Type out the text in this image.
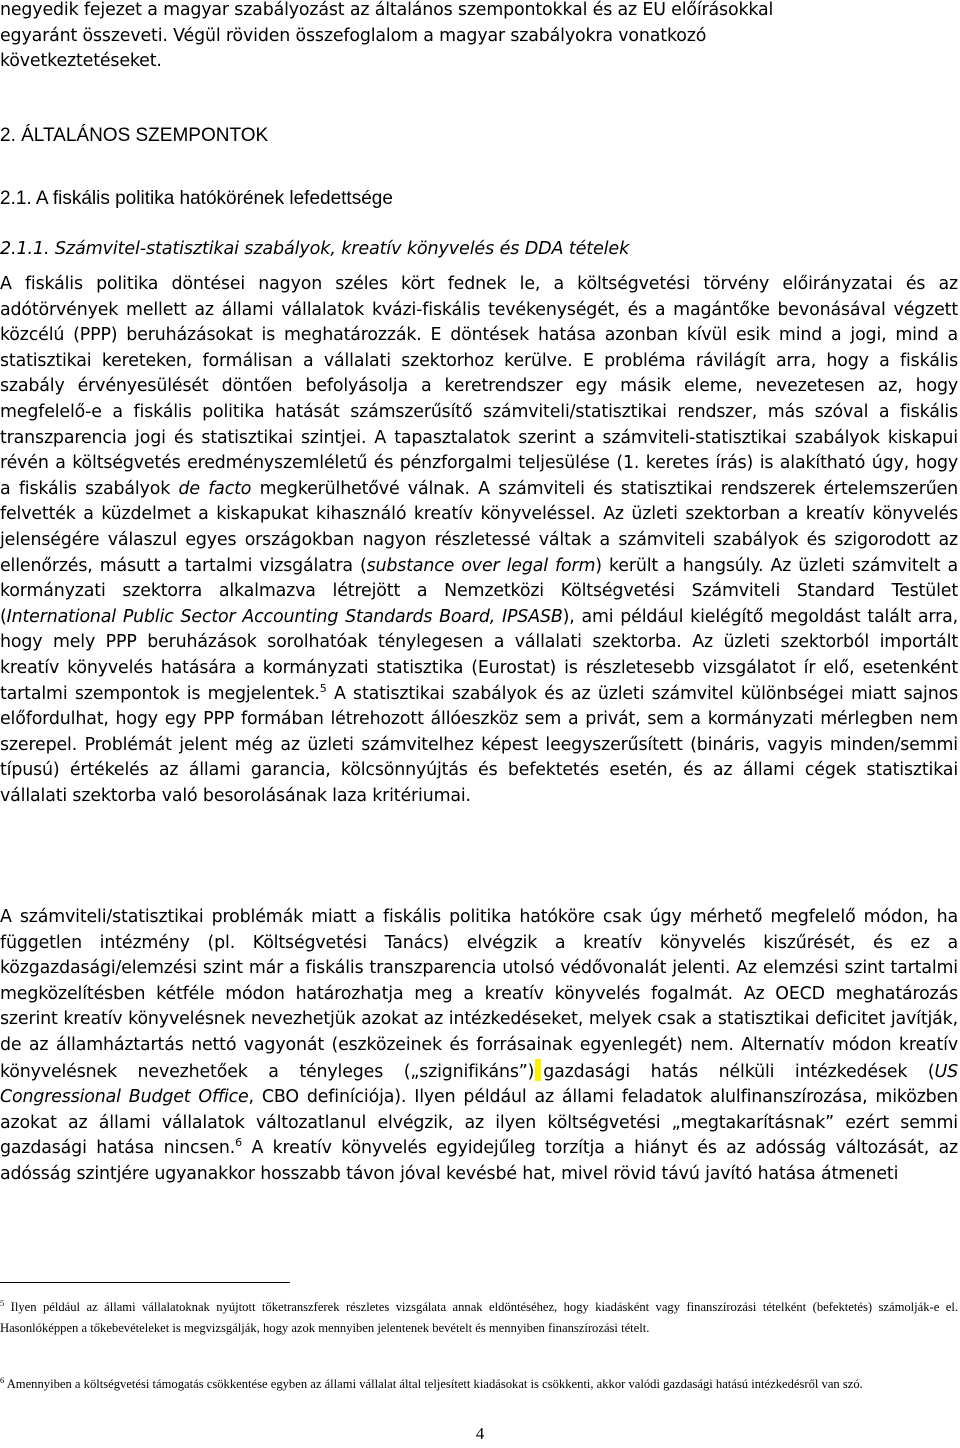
negyedik fejezet a magyar szabályozást az általános szempontokkal és az EU előírásokkal
egyaránt összeveti. Végül röviden összefoglalom a magyar szabályokra vonatkozó
következtetéseket.
2. ÁLTALÁNOS SZEMPONTOK
2.1. A fiskális politika hatókörének lefedettsége
2.1.1. Számvitel-statisztikai szabályok, kreatív könyvelés és DDA tételek

A fiskális politika döntései nagyon széles kört fednek le, a költségvetési törvény előirányzatai és az adótörvények mellett az állami vállalatok kvázi-fiskális tevékenységét, és a magántőke bevonásával végzett közcélú (PPP) beruházásokat is meghatározzák. E döntések hatása azonban kívül esik mind a jogi, mind a statisztikai kereteken, formálisan a vállalati szektorhoz kerülve. E probléma rávilágít arra, hogy a fiskális szabály érvényesülését döntően befolyásolja a keretrendszer egy másik eleme, nevezetesen az, hogy megfelelő-e a fiskális politika hatását számszerűsítő számviteli/statisztikai rendszer, más szóval a fiskális transzparencia jogi és statisztikai szintjei. A tapasztalatok szerint a számviteli-statisztikai szabályok kiskapui révén a költségvetés eredményszemléletű és pénzforgalmi teljesülése (1. keretes írás) is alakítható úgy, hogy a fiskális szabályok de facto megkerülhetővé válnak. A számviteli és statisztikai rendszerek értelemszerűen felvették a küzdelmet a kiskapukat kihasználó kreatív könyveléssel. Az üzleti szektorban a kreatív könyvelés jelenségére válaszul egyes országokban nagyon részletessé váltak a számviteli szabályok és szigorodott az ellenőrzés, másutt a tartalmi vizsgálatra (substance over legal form) került a hangsúly. Az üzleti számvitelt a kormányzati szektorra alkalmazva létrejött a Nemzetközi Költségvetési Számviteli Standard Testület (International Public Sector Accounting Standards Board, IPSASB), ami például kielégítő megoldást talált arra, hogy mely PPP beruházások sorolhatóak ténylegesen a vállalati szektorba. Az üzleti szektorból importált kreatív könyvelés hatására a kormányzati statisztika (Eurostat) is részletesebb vizsgálatot ír elő, esetenként tartalmi szempontok is megjelentek.$^5$ A statisztikai szabályok és az üzleti számvitel különbségei miatt sajnos előfordulhat, hogy egy PPP formában létrehozott állóeszköz sem a privát, sem a kormányzati mérlegben nem szerepel. Problémát jelent még az üzleti számvitelhez képest leegyszerűsített (bináris, vagyis minden/semmi típusú) értékelés az állami garancia, kölcsönnyújtás és befektetés esetén, és az állami cégek statisztikai vállalati szektorba való besorolásának laza kritériumai.

A számviteli/statisztikai problémák miatt a fiskális politika hatóköre csak úgy mérhető megfelelő módon, ha független intézmény (pl. Költségvetési Tanács) elvégzik a kreatív könyvelés kiszűrését, és ez a közgazdasági/elemzési szint már a fiskális transzparencia utolsó védővonalát jelenti. Az elemzési szint tartalmi megközelítésben kétféle módon határozhatja meg a kreatív könyvelés fogalmát. Az OECD meghatározás szerint kreatív könyvelésnek nevezhetjük azokat az intézkedéseket, melyek csak a statisztikai deficitet javítják, de az államháztartás nettó vagyonát (eszközeinek és forrásainak egyenlegét) nem. Alternatív módon kreatív könyvelésnek nevezhetőek a tényleges („szignifikáns”) gazdasági hatás nélküli intézkedések (US Congressional Budget Office, CBO definíciója). Ilyen például az állami feladatok alulfinanszírozása, miközben azokat az állami vállalatok változatlanul elvégzik, az ilyen költségvetési „megtakarításnak” ezért semmi gazdasági hatása nincsen.$^6$ A kreatív könyvelés egyidejűleg torzítja a hiányt és az adósság változását, az adósság szintjére ugyanakkor hosszabb távon jóval kevésbé hat, mivel rövid távú javító hatása átmeneti

$^5$ Ilyen például az állami vállalatoknak nyújtott tőketranszferek részletes vizsgálata annak eldöntéséhez, hogy kiadásként vagy finanszírozási tételként (befektetés) számolják-e el. Hasonlóképpen a tőkebevételeket is megvizsgálják, hogy azok mennyiben jelentenek bevételt és mennyiben finanszírozási tételt.

$^6$ Amennyiben a költségvetési támogatás csökkentése egyben az állami vállalat által teljesített kiadásokat is csökkenti, akkor valódi gazdasági hatású intézkedésről van szó.

4
